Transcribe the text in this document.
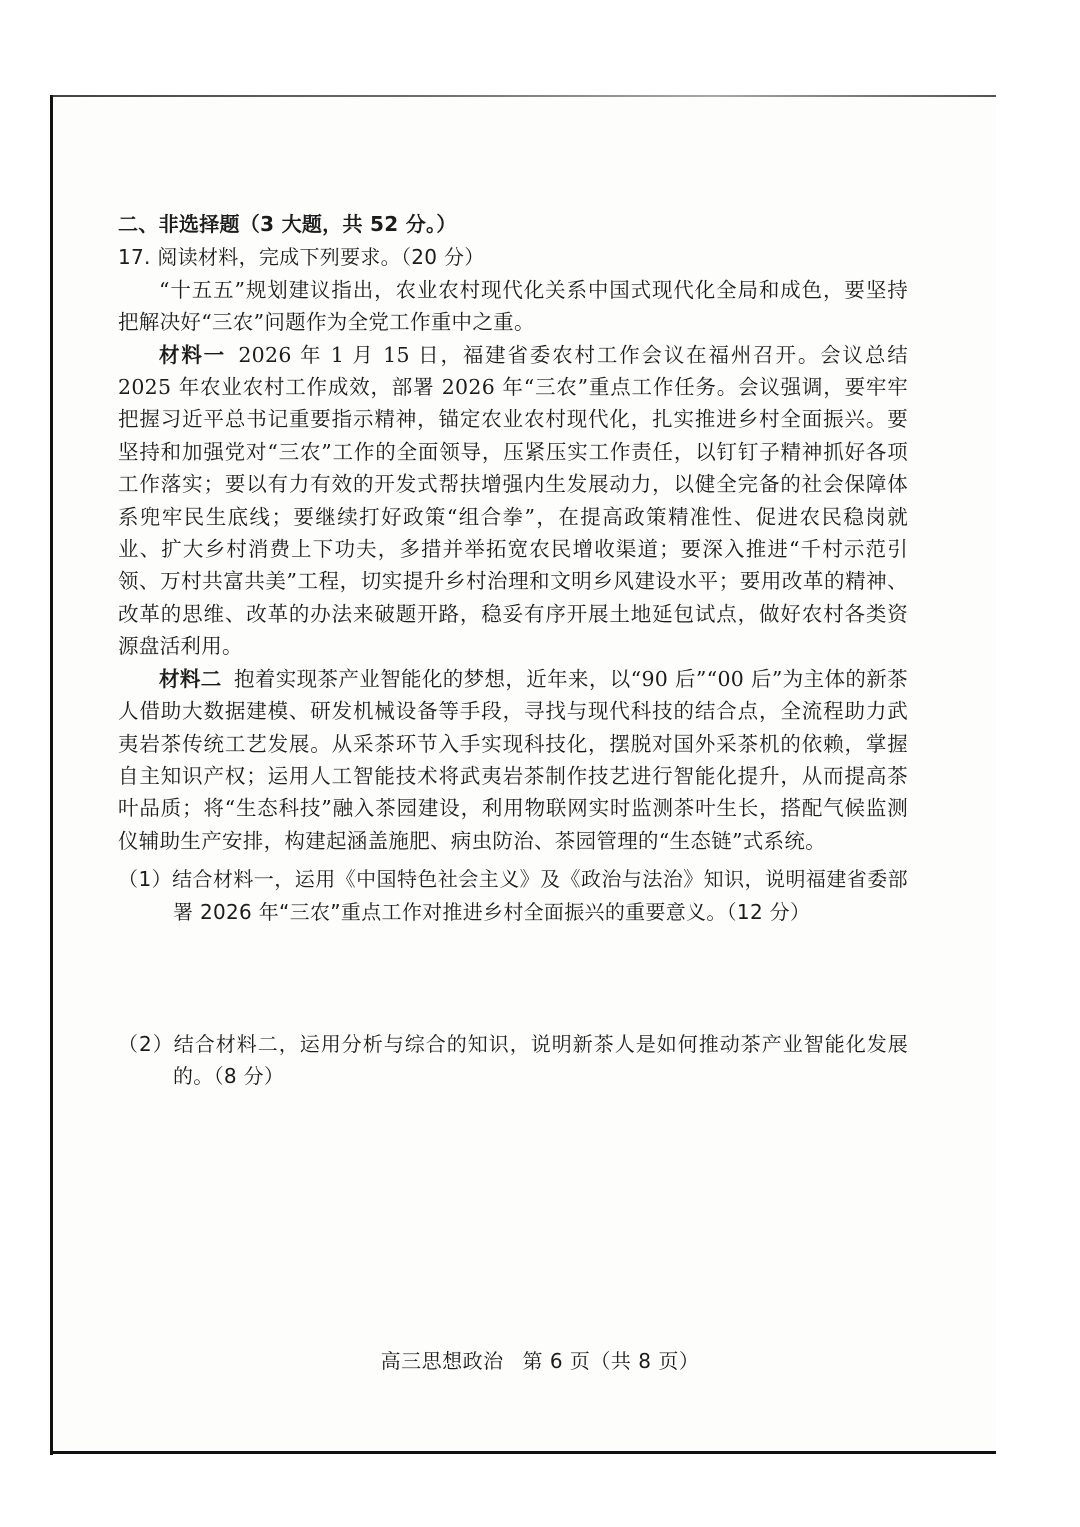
二、非选择题（3 大题，共 52 分。）

17. 阅读材料，完成下列要求。（20 分）

“十五五”规划建议指出，农业农村现代化关系中国式现代化全局和成色，要坚持把解决好“三农”问题作为全党工作重中之重。

材料一 2026 年 1 月 15 日，福建省委农村工作会议在福州召开。会议总结 2025 年农业农村工作成效，部署 2026 年“三农”重点工作任务。会议强调，要牢牢把握习近平总书记重要指示精神，锚定农业农村现代化，扎实推进乡村全面振兴。要坚持和加强党对“三农”工作的全面领导，压紧压实工作责任，以钉钉子精神抓好各项工作落实；要以有力有效的开发式帮扶增强内生发展动力，以健全完备的社会保障体系兜牢民生底线；要继续打好政策“组合拳”，在提高政策精准性、促进农民稳岗就业、扩大乡村消费上下功夫，多措并举拓宽农民增收渠道；要深入推进“千村示范引领、万村共富共美”工程，切实提升乡村治理和文明乡风建设水平；要用改革的精神、改革的思维、改革的办法来破题开路，稳妥有序开展土地延包试点，做好农村各类资源盘活利用。

材料二 抱着实现茶产业智能化的梦想，近年来，以“90 后”“00 后”为主体的新茶人借助大数据建模、研发机械设备等手段，寻找与现代科技的结合点，全流程助力武夷岩茶传统工艺发展。从采茶环节入手实现科技化，摆脱对国外采茶机的依赖，掌握自主知识产权；运用人工智能技术将武夷岩茶制作技艺进行智能化提升，从而提高茶叶品质；将“生态科技”融入茶园建设，利用物联网实时监测茶叶生长，搭配气候监测仪辅助生产安排，构建起涵盖施肥、病虫防治、茶园管理的“生态链”式系统。

（1）结合材料一，运用《中国特色社会主义》及《政治与法治》知识，说明福建省委部署 2026 年“三农”重点工作对推进乡村全面振兴的重要意义。（12 分）

（2）结合材料二，运用分析与综合的知识，说明新茶人是如何推动茶产业智能化发展的。（8 分）

高三思想政治 第 6 页（共 8 页）
